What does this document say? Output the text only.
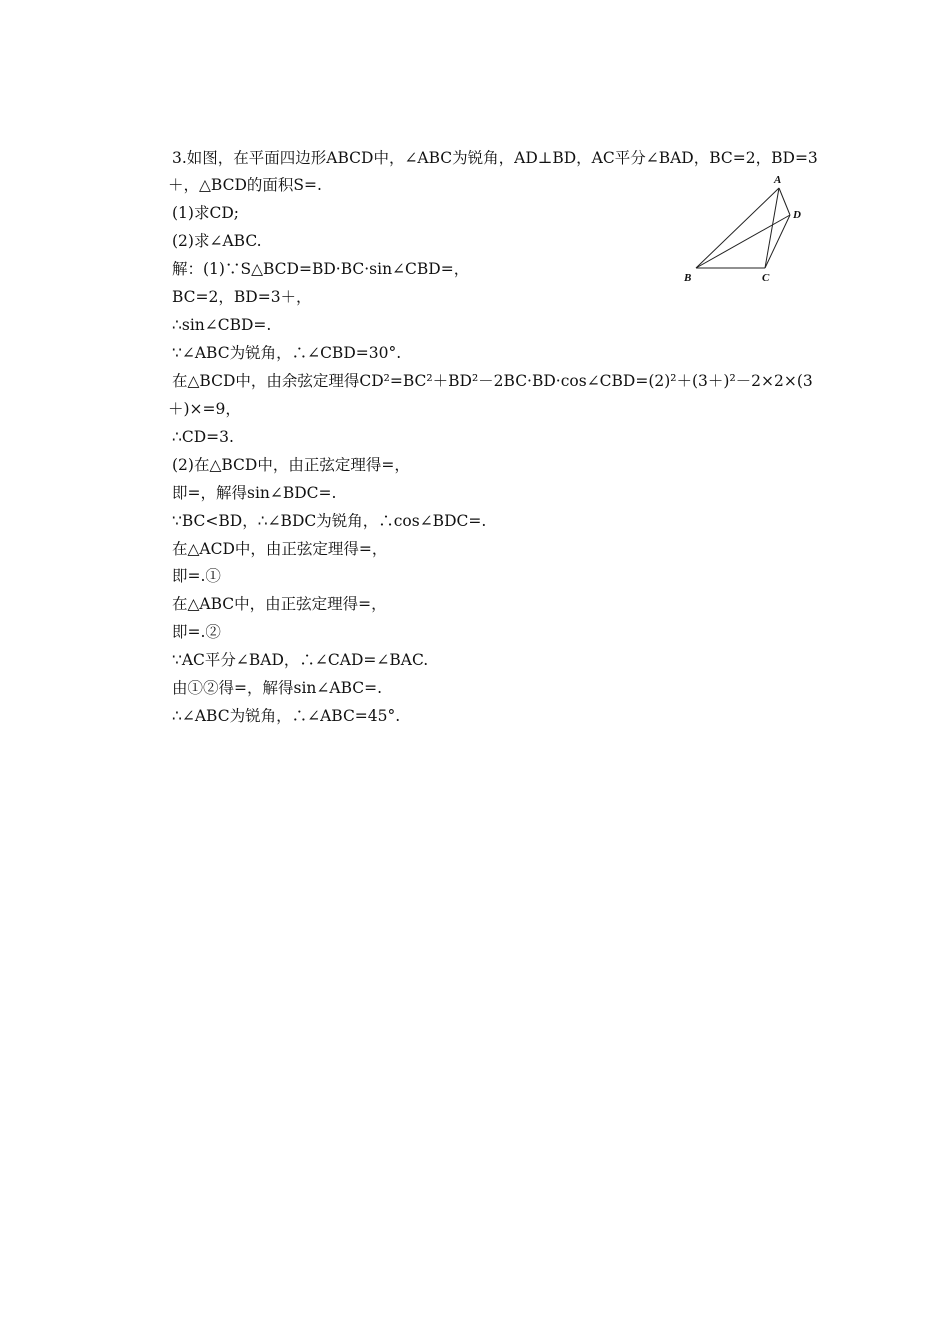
3.如图，在平面四边形ABCD中，∠ABC为锐角，AD⊥BD，AC平分∠BAD，BC=2，BD=3
＋，△BCD的面积S=.
(1)求CD;
(2)求∠ABC.
解：(1)∵S△BCD=BD·BC·sin∠CBD=，
BC=2，BD=3＋，
∴sin∠CBD=.
∵∠ABC为锐角，∴∠CBD=30°.
在△BCD中，由余弦定理得CD²=BC²＋BD²－2BC·BD·cos∠CBD=(2)²＋(3＋)²－2×2×(3
＋)×=9，
∴CD=3.
(2)在△BCD中，由正弦定理得=，
即=，解得sin∠BDC=.
∵BC<BD，∴∠BDC为锐角，∴cos∠BDC=.
在△ACD中，由正弦定理得=，
即=.①
在△ABC中，由正弦定理得=，
即=.②
∵AC平分∠BAD，∴∠CAD=∠BAC.
由①②得=，解得sin∠ABC=.
∴∠ABC为锐角，∴∠ABC=45°.
A
D
B	C
